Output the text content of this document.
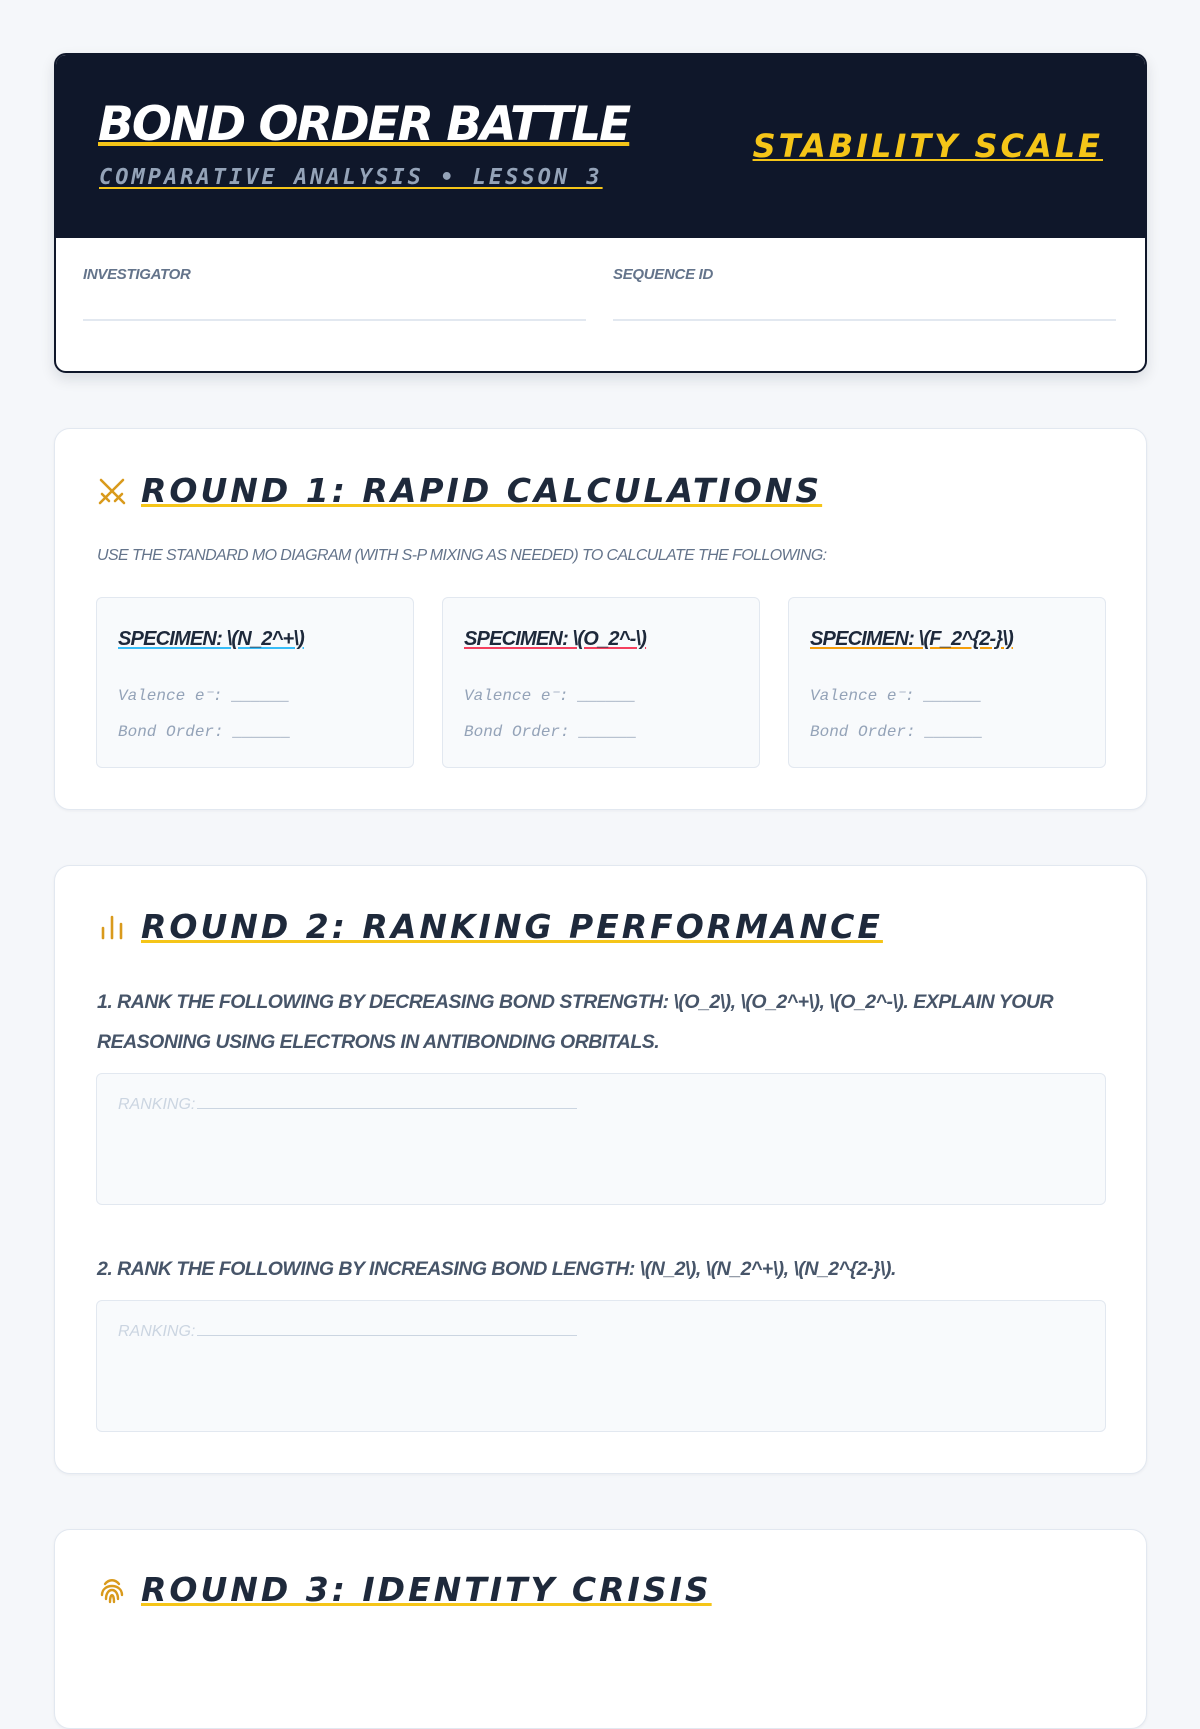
BOND ORDER BATTLE
COMPARATIVE ANALYSIS • LESSON 3
STABILITY SCALE
INVESTIGATOR	SEQUENCE ID
ROUND 1: RAPID CALCULATIONS
USE THE STANDARD MO DIAGRAM (WITH S-P MIXING AS NEEDED) TO CALCULATE THE FOLLOWING:
SPECIMEN: \(N_2^+\)
Valence e⁻: ______
Bond Order: ______
SPECIMEN: \(O_2^-\)
Valence e⁻: ______
Bond Order: ______
SPECIMEN: \(F_2^{2-}\)
Valence e⁻: ______
Bond Order: ______
ROUND 2: RANKING PERFORMANCE
1. RANK THE FOLLOWING BY DECREASING BOND STRENGTH: \(O_2\), \(O_2^+\), \(O_2^-\). EXPLAIN YOUR REASONING USING ELECTRONS IN ANTIBONDING ORBITALS.
RANKING:
2. RANK THE FOLLOWING BY INCREASING BOND LENGTH: \(N_2\), \(N_2^+\), \(N_2^{2-}\).
RANKING:
ROUND 3: IDENTITY CRISIS
